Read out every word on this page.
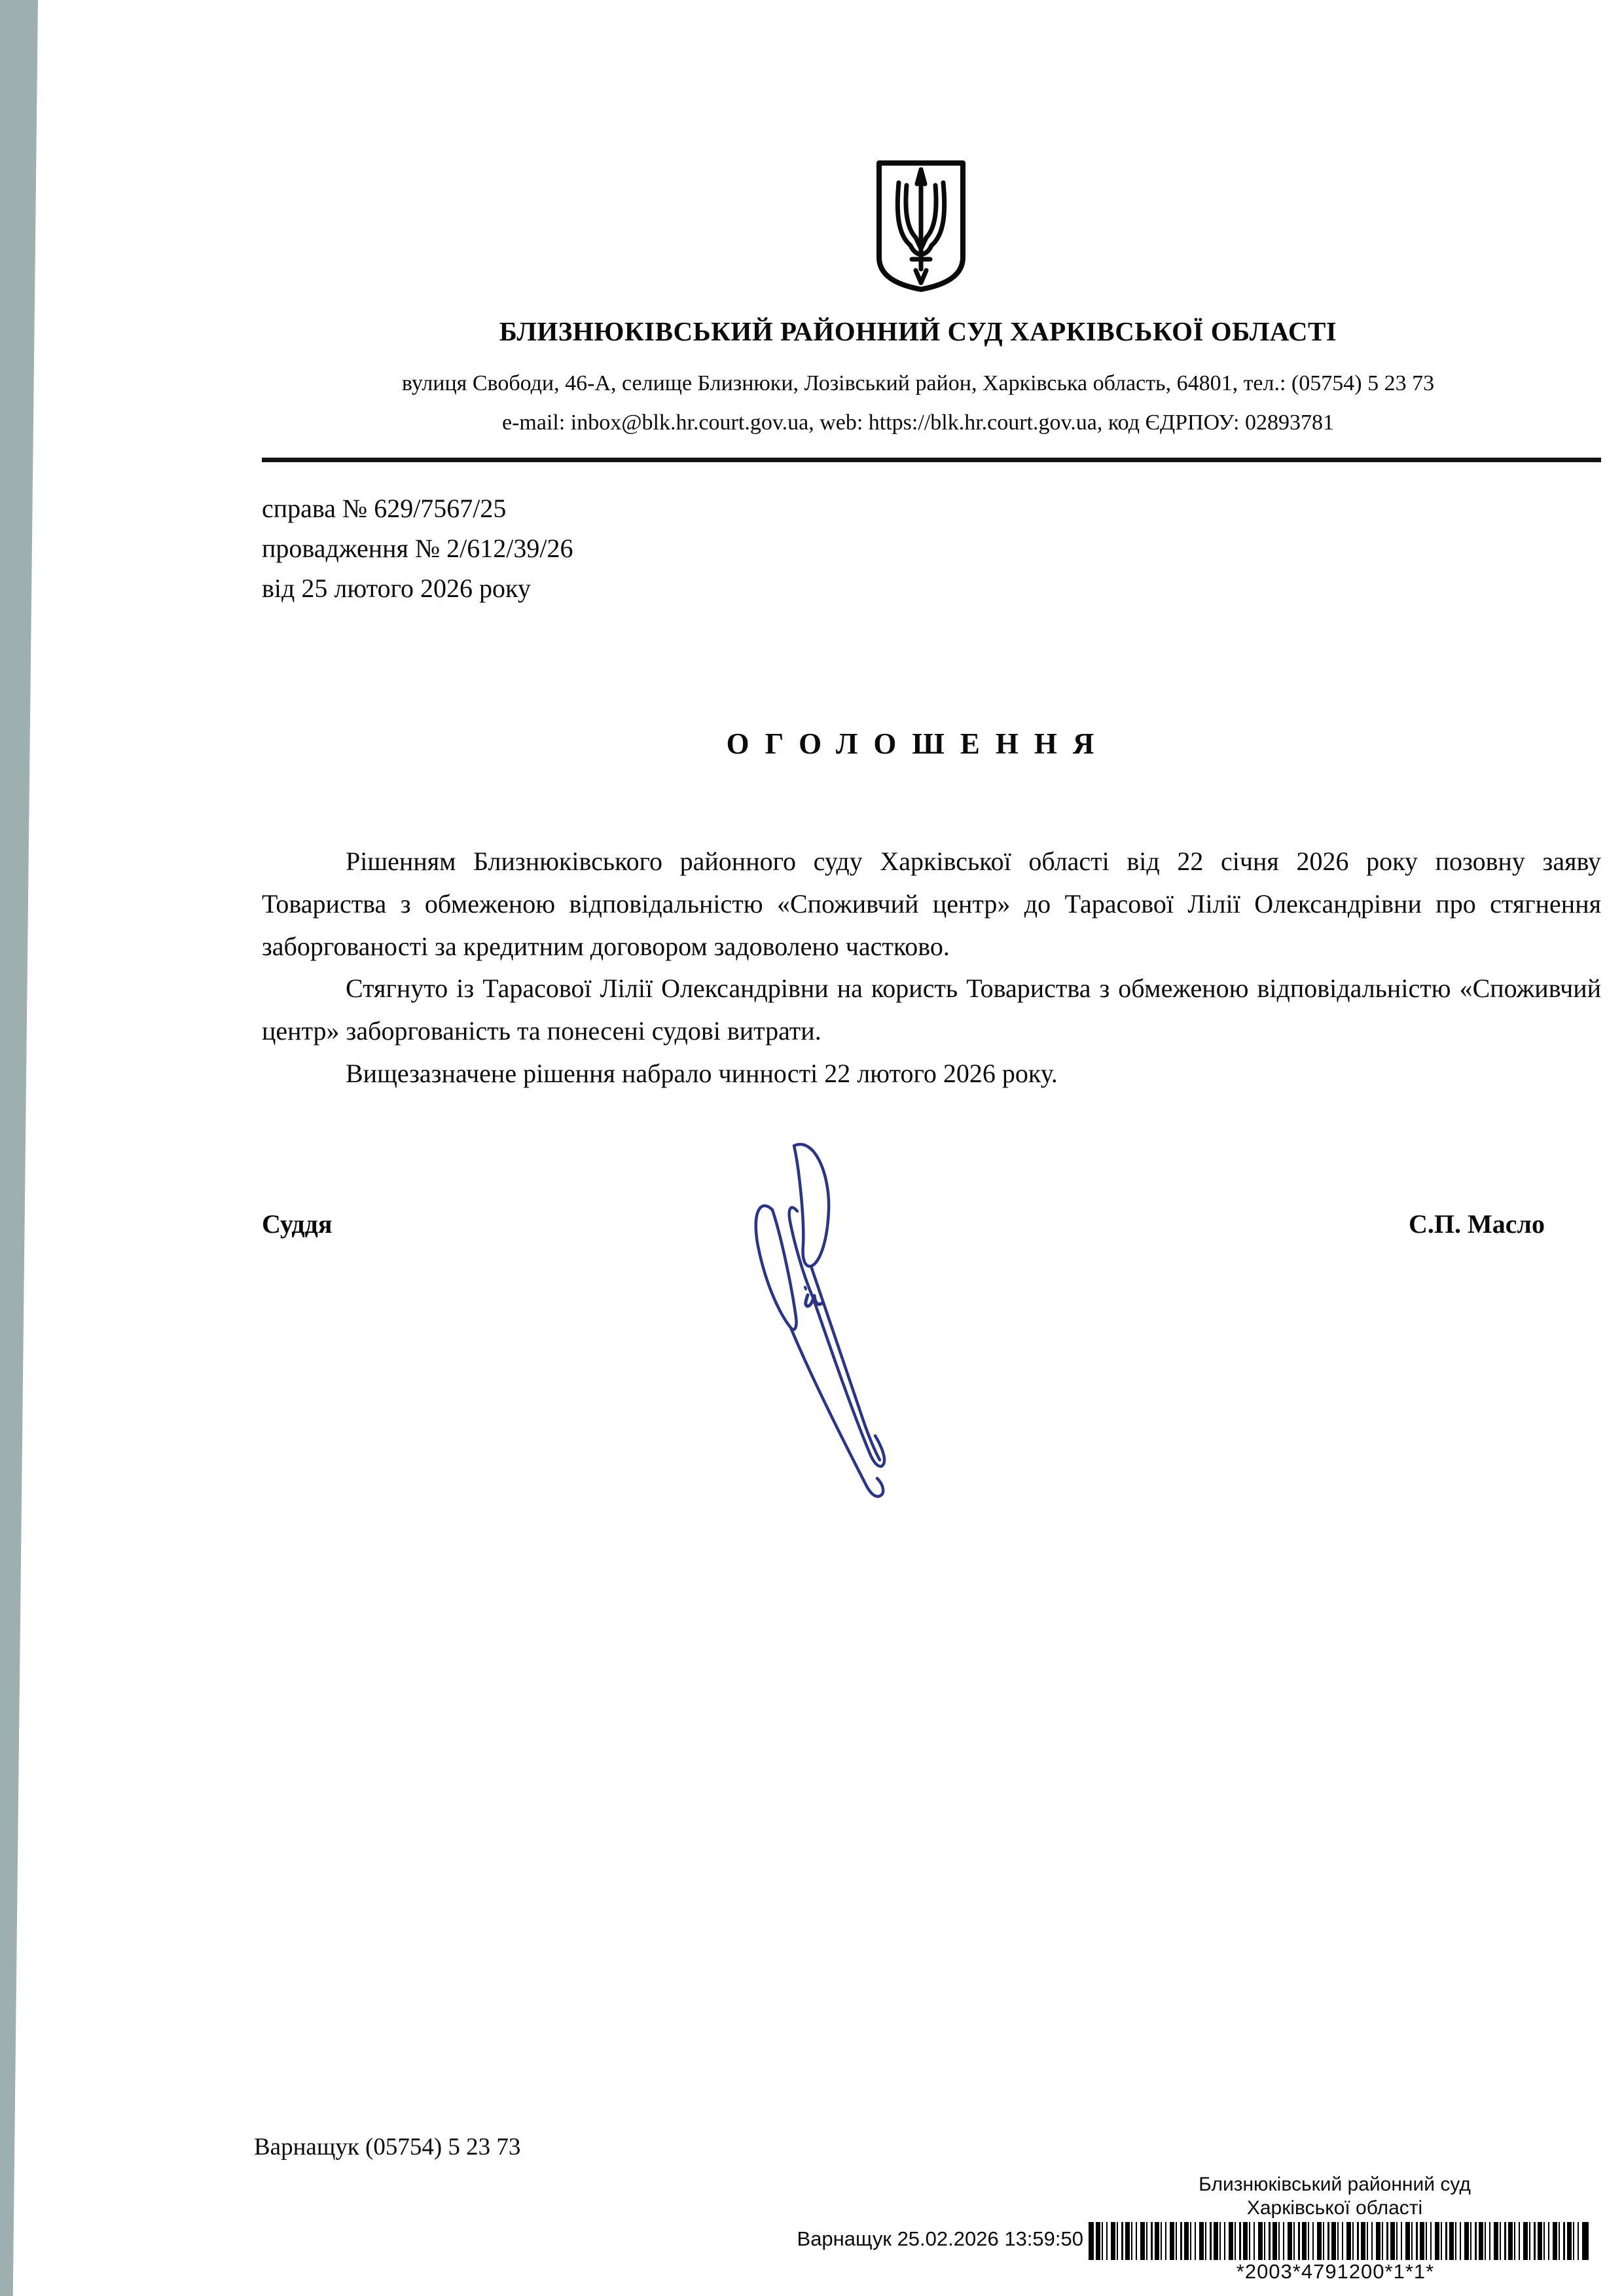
БЛИЗНЮКІВСЬКИЙ РАЙОННИЙ СУД ХАРКІВСЬКОЇ ОБЛАСТІ
вулиця Свободи, 46-А, селище Близнюки, Лозівський район, Харківська область, 64801, тел.: (05754) 5 23 73
e-mail: inbox@blk.hr.court.gov.ua, web: https://blk.hr.court.gov.ua, код ЄДРПОУ: 02893781
справа № 629/7567/25
провадження № 2/612/39/26
від 25 лютого 2026 року
ОГОЛОШЕННЯ

Рішенням Близнюківського районного суду Харківської області від 22 січня 2026 року позовну заяву Товариства з обмеженою відповідальністю «Споживчий центр» до Тарасової Лілії Олександрівни про стягнення заборгованості за кредитним договором задоволено частково.

Стягнуто із Тарасової Лілії Олександрівни на користь Товариства з обмеженою відповідальністю «Споживчий центр» заборгованість та понесені судові витрати.

Вищезазначене рішення набрало чинності 22 лютого 2026 року.

Суддя	С.П. Масло
Варнащук (05754) 5 23 73
Близнюківський районний суд
Харківської області
Варнащук 25.02.2026 13:59:50
*2003*4791200*1*1*
